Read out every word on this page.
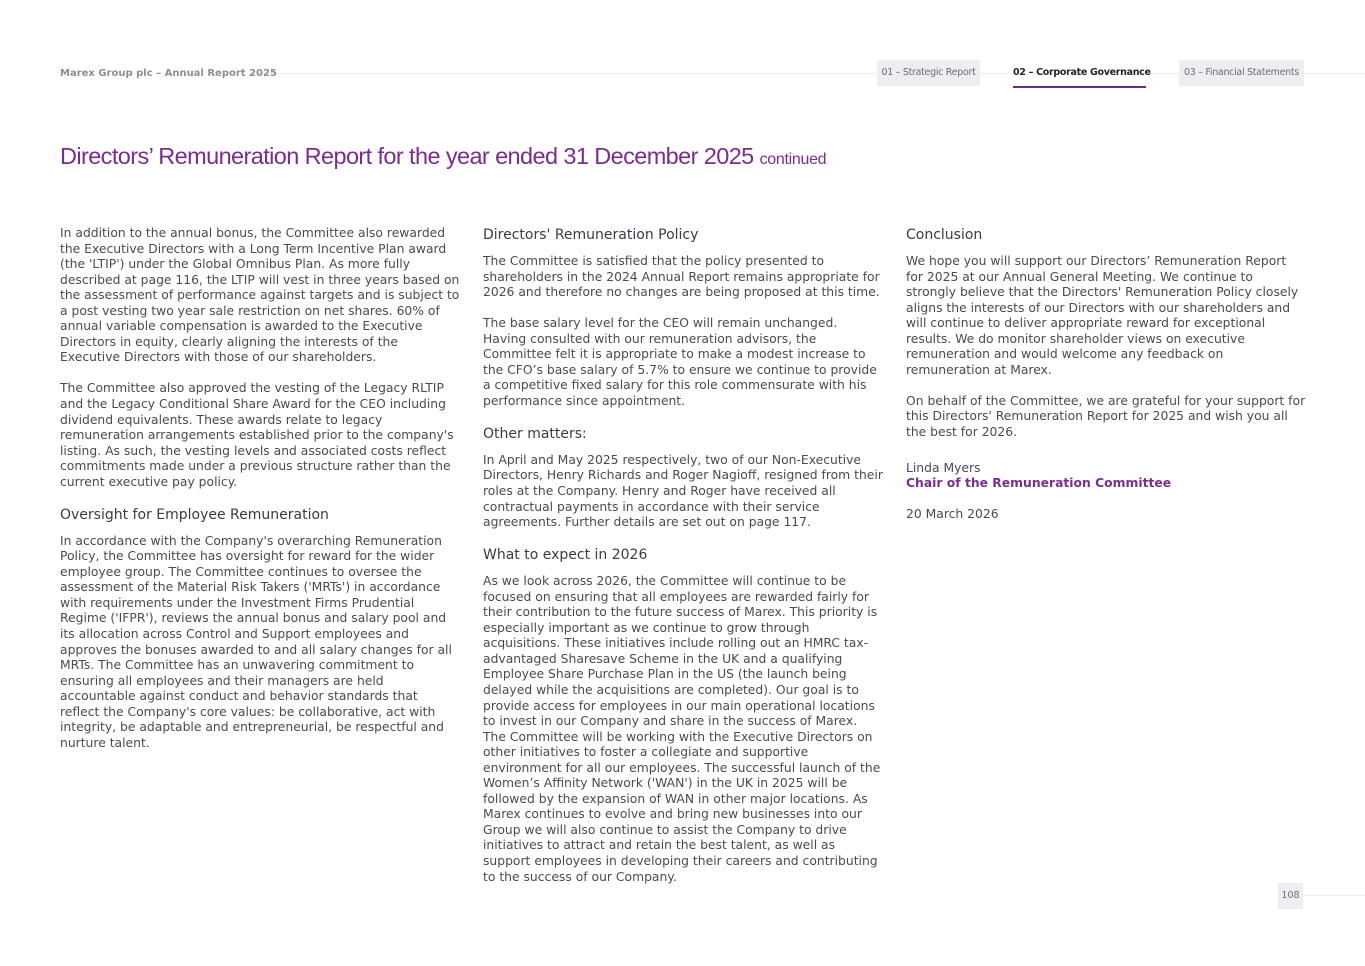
Marex Group plc – Annual Report 2025	01 – Strategic Report	02 – Corporate Governance	03 – Financial Statements
Directors’ Remuneration Report for the year ended 31 December 2025 continued

In addition to the annual bonus, the Committee also rewarded the Executive Directors with a Long Term Incentive Plan award (the 'LTIP') under the Global Omnibus Plan. As more fully described at page 116, the LTIP will vest in three years based on the assessment of performance against targets and is subject to a post vesting two year sale restriction on net shares. 60% of annual variable compensation is awarded to the Executive Directors in equity, clearly aligning the interests of the Executive Directors with those of our shareholders.

The Committee also approved the vesting of the Legacy RLTIP and the Legacy Conditional Share Award for the CEO including dividend equivalents. These awards relate to legacy remuneration arrangements established prior to the company's listing. As such, the vesting levels and associated costs reflect commitments made under a previous structure rather than the current executive pay policy.

Oversight for Employee Remuneration

In accordance with the Company's overarching Remuneration Policy, the Committee has oversight for reward for the wider employee group. The Committee continues to oversee the assessment of the Material Risk Takers ('MRTs') in accordance with requirements under the Investment Firms Prudential Regime ('IFPR'), reviews the annual bonus and salary pool and its allocation across Control and Support employees and approves the bonuses awarded to and all salary changes for all MRTs. The Committee has an unwavering commitment to ensuring all employees and their managers are held accountable against conduct and behavior standards that reflect the Company's core values: be collaborative, act with integrity, be adaptable and entrepreneurial, be respectful and nurture talent.

Directors' Remuneration Policy

The Committee is satisfied that the policy presented to shareholders in the 2024 Annual Report remains appropriate for 2026 and therefore no changes are being proposed at this time.

The base salary level for the CEO will remain unchanged. Having consulted with our remuneration advisors, the Committee felt it is appropriate to make a modest increase to the CFO’s base salary of 5.7% to ensure we continue to provide a competitive fixed salary for this role commensurate with his performance since appointment.

Other matters:

In April and May 2025 respectively, two of our Non-Executive Directors, Henry Richards and Roger Nagioff, resigned from their roles at the Company. Henry and Roger have received all contractual payments in accordance with their service agreements. Further details are set out on page 117.

What to expect in 2026

As we look across 2026, the Committee will continue to be focused on ensuring that all employees are rewarded fairly for their contribution to the future success of Marex. This priority is especially important as we continue to grow through acquisitions. These initiatives include rolling out an HMRC tax-advantaged Sharesave Scheme in the UK and a qualifying Employee Share Purchase Plan in the US (the launch being delayed while the acquisitions are completed). Our goal is to provide access for employees in our main operational locations to invest in our Company and share in the success of Marex. The Committee will be working with the Executive Directors on other initiatives to foster a collegiate and supportive environment for all our employees. The successful launch of the Women’s Affinity Network ('WAN') in the UK in 2025 will be followed by the expansion of WAN in other major locations. As Marex continues to evolve and bring new businesses into our Group we will also continue to assist the Company to drive initiatives to attract and retain the best talent, as well as support employees in developing their careers and contributing to the success of our Company.

Conclusion

We hope you will support our Directors’ Remuneration Report for 2025 at our Annual General Meeting. We continue to strongly believe that the Directors' Remuneration Policy closely aligns the interests of our Directors with our shareholders and will continue to deliver appropriate reward for exceptional results. We do monitor shareholder views on executive remuneration and would welcome any feedback on remuneration at Marex.

On behalf of the Committee, we are grateful for your support for this Directors' Remuneration Report for 2025 and wish you all the best for 2026.

Linda Myers

Chair of the Remuneration Committee

20 March 2026

108
